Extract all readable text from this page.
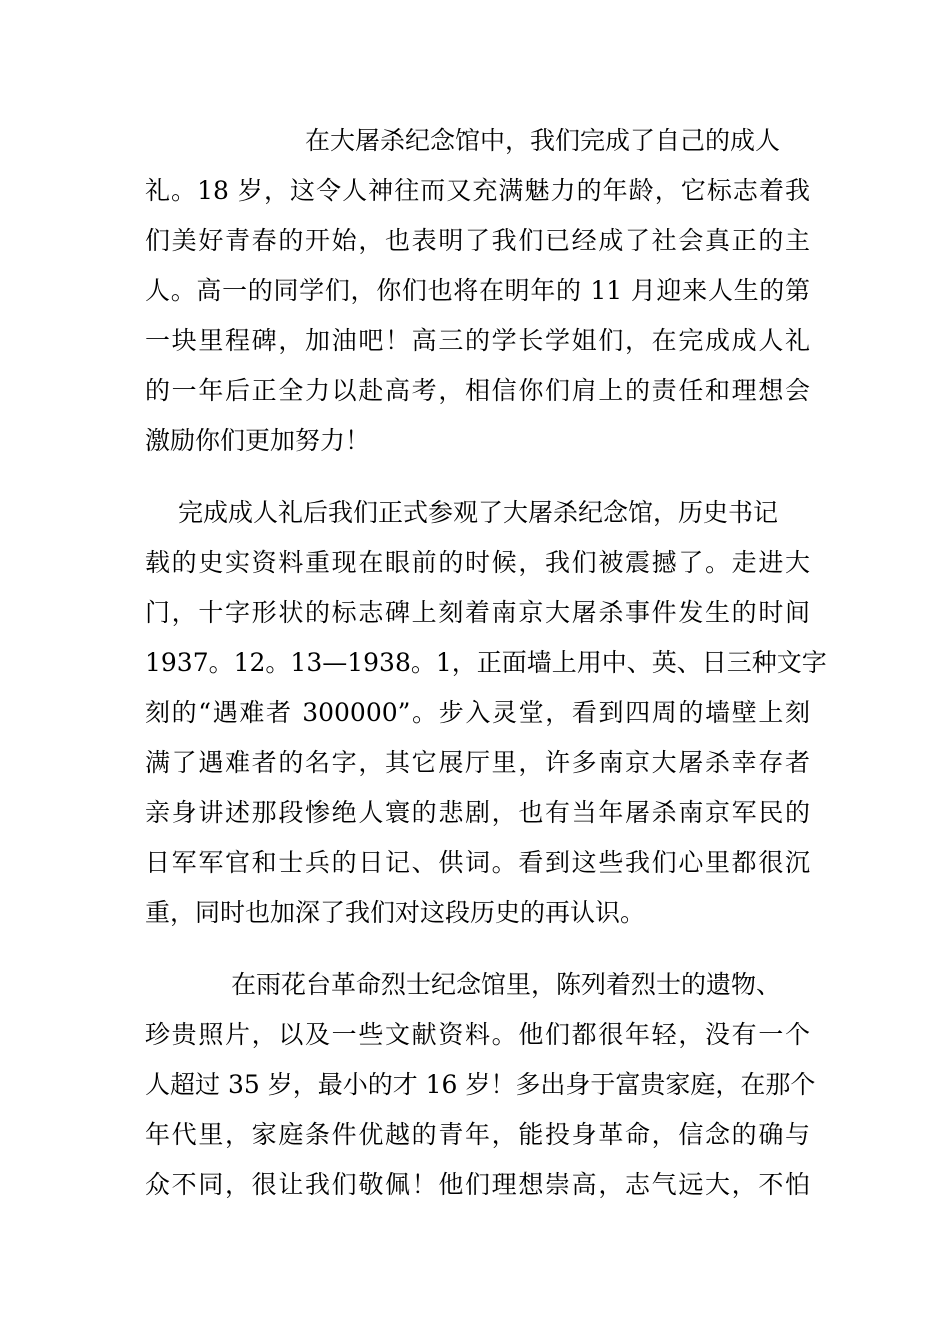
在大屠杀纪念馆中，我们完成了自己的成人
礼。18 岁，这令人神往而又充满魅力的年龄，它标志着我
们美好青春的开始，也表明了我们已经成了社会真正的主
人。高一的同学们，你们也将在明年的 11 月迎来人生的第
一块里程碑，加油吧！高三的学长学姐们，在完成成人礼
的一年后正全力以赴高考，相信你们肩上的责任和理想会
激励你们更加努力！
完成成人礼后我们正式参观了大屠杀纪念馆，历史书记
载的史实资料重现在眼前的时候，我们被震撼了。走进大
门，十字形状的标志碑上刻着南京大屠杀事件发生的时间
1937。12。13—1938。1，正面墙上用中、英、日三种文字
刻的“遇难者 300000”。步入灵堂，看到四周的墙壁上刻
满了遇难者的名字，其它展厅里，许多南京大屠杀幸存者
亲身讲述那段惨绝人寰的悲剧，也有当年屠杀南京军民的
日军军官和士兵的日记、供词。看到这些我们心里都很沉
重，同时也加深了我们对这段历史的再认识。
在雨花台革命烈士纪念馆里，陈列着烈士的遗物、
珍贵照片，以及一些文献资料。他们都很年轻，没有一个
人超过 35 岁，最小的才 16 岁！多出身于富贵家庭，在那个
年代里，家庭条件优越的青年，能投身革命，信念的确与
众不同，很让我们敬佩！他们理想崇高，志气远大，不怕
